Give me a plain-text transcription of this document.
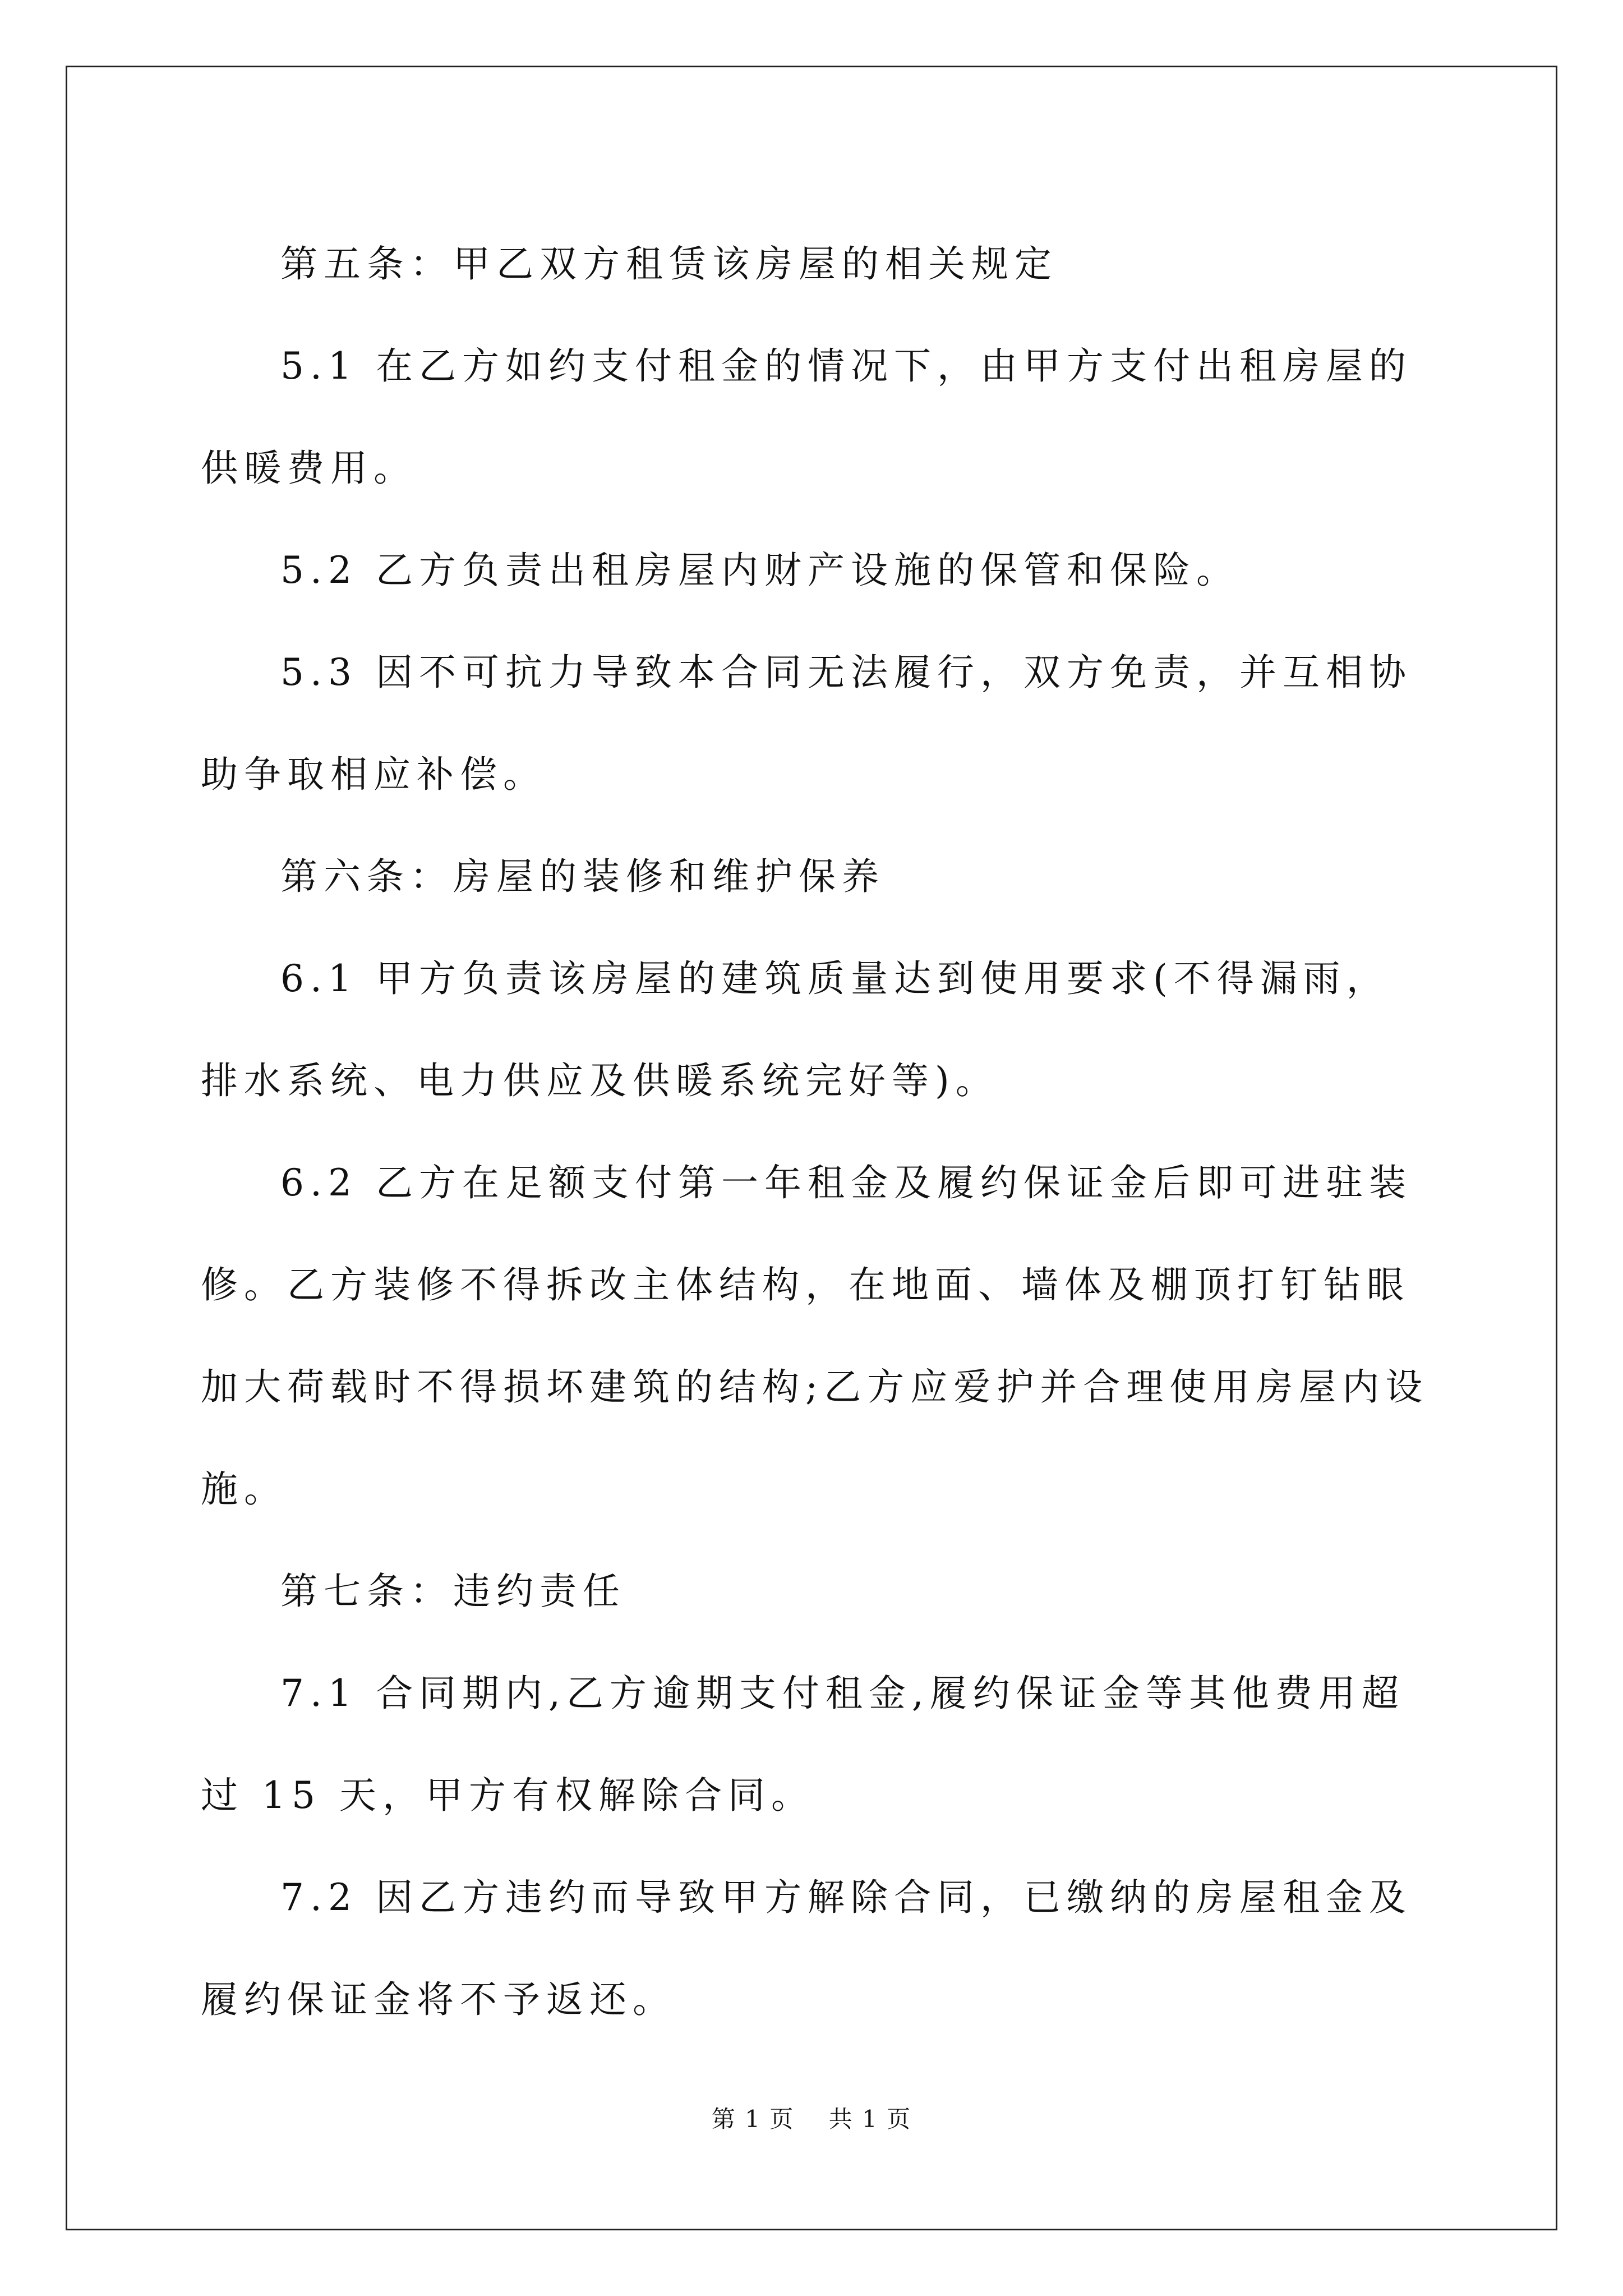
第五条：甲乙双方租赁该房屋的相关规定

5.1 在乙方如约支付租金的情况下，由甲方支付出租房屋的供暖费用。

5.2 乙方负责出租房屋内财产设施的保管和保险。

5.3 因不可抗力导致本合同无法履行，双方免责，并互相协助争取相应补偿。

第六条：房屋的装修和维护保养

6.1 甲方负责该房屋的建筑质量达到使用要求(不得漏雨，排水系统、电力供应及供暖系统完好等)。

6.2 乙方在足额支付第一年租金及履约保证金后即可进驻装修。乙方装修不得拆改主体结构，在地面、墙体及棚顶打钉钻眼加大荷载时不得损坏建筑的结构;乙方应爱护并合理使用房屋内设施。

第七条：违约责任

7.1 合同期内,乙方逾期支付租金,履约保证金等其他费用超过 15 天，甲方有权解除合同。

7.2 因乙方违约而导致甲方解除合同，已缴纳的房屋租金及履约保证金将不予返还。

第 1 页    共 1 页
